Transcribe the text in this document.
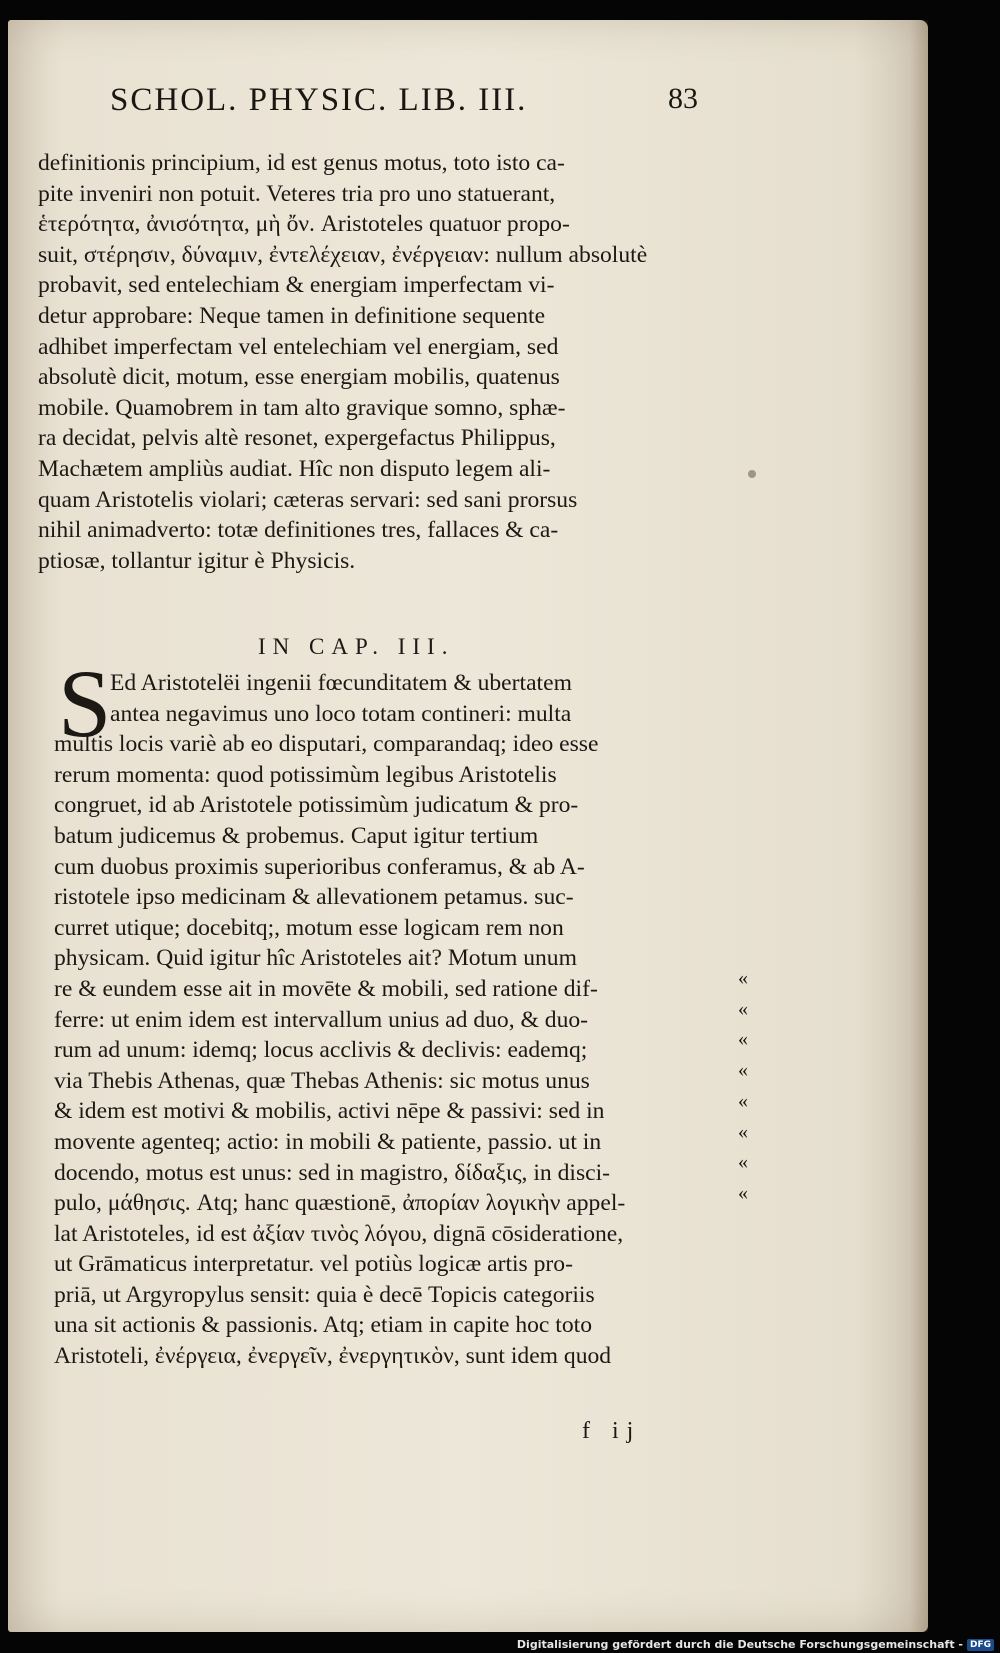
SCHOL. PHYSIC. LIB. III.	83
definitionis principium, id est genus motus, toto isto ca-
pite inveniri non potuit. Veteres tria pro uno statuerant,
ἑτερότητα, ἀνισότητα, μὴ ὄν. Aristoteles quatuor propo-
suit, στέρησιν, δύναμιν, ἐντελέχειαν, ἐνέργειαν: nullum absolutè
probavit, sed entelechiam & energiam imperfectam vi-
detur approbare: Neque tamen in definitione sequente
adhibet imperfectam vel entelechiam vel energiam, sed
absolutè dicit, motum, esse energiam mobilis, quatenus
mobile. Quamobrem in tam alto gravique somno, sphæ-
ra decidat, pelvis altè resonet, expergefactus Philippus,
Machætem ampliùs audiat. Hîc non disputo legem ali-
quam Aristotelis violari; cæteras servari: sed sani prorsus
nihil animadverto: totæ definitiones tres, fallaces & ca-
ptiosæ, tollantur igitur è Physicis.
IN CAP. III.
S
Ed Aristotelëi ingenii fœcunditatem & ubertatem
antea negavimus uno loco totam contineri: multa
multis locis variè ab eo disputari, comparandaq; ideo esse
rerum momenta: quod potissimùm legibus Aristotelis
congruet, id ab Aristotele potissimùm judicatum & pro-
batum judicemus & probemus. Caput igitur tertium
cum duobus proximis superioribus conferamus, & ab A-
ristotele ipso medicinam & allevationem petamus. suc-
curret utique; docebitq;, motum esse logicam rem non
physicam. Quid igitur hîc Aristoteles ait? Motum unum
re & eundem esse ait in movēte & mobili, sed ratione dif-
ferre: ut enim idem est intervallum unius ad duo, & duo-
rum ad unum: idemq; locus acclivis & declivis: eademq;
via Thebis Athenas, quæ Thebas Athenis: sic motus unus
& idem est motivi & mobilis, activi nēpe & passivi: sed in
movente agenteq; actio: in mobili & patiente, passio. ut in
docendo, motus est unus: sed in magistro, δίδαξις, in disci-
pulo, μάθησις. Atq; hanc quæstionē, ἀπορίαν λογικὴν appel-
lat Aristoteles, id est ἀξίαν τινὸς λόγου, dignā cōsideratione,
ut Grāmaticus interpretatur. vel potiùs logicæ artis pro-
priā, ut Argyropylus sensit: quia è decē Topicis categoriis
una sit actionis & passionis. Atq; etiam in capite hoc toto
Aristoteli, ἐνέργεια, ἐνεργεῖν, ἐνεργητικὸν, sunt idem quod
«
«
«
«
«
«
«
«
f ij
Digitalisierung gefördert durch die Deutsche Forschungsgemeinschaft - DFG
